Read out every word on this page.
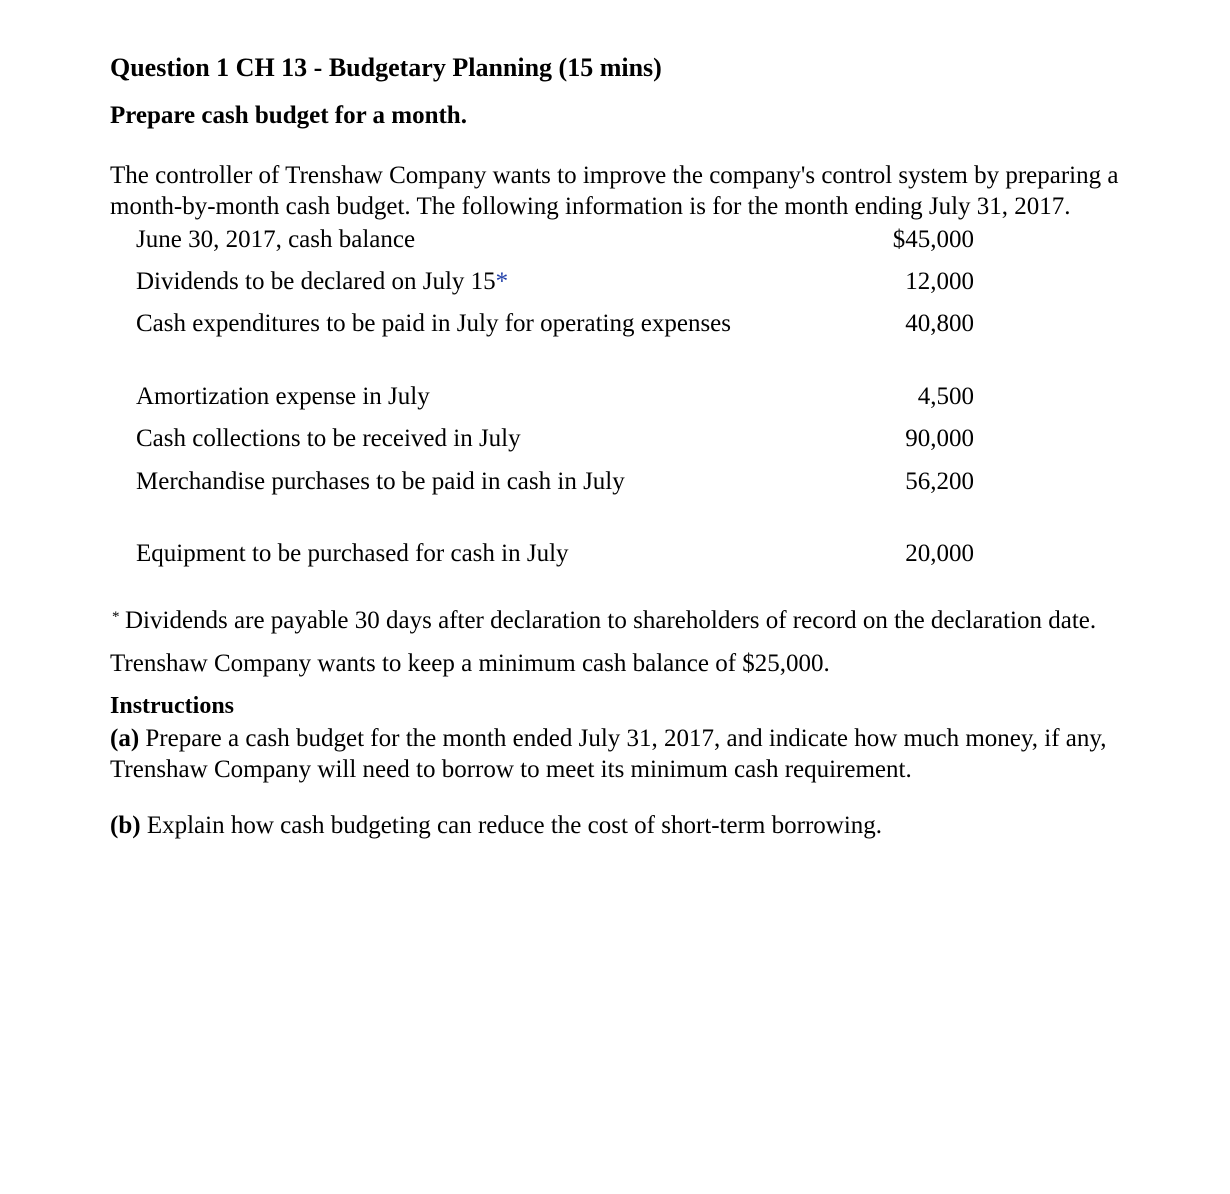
Question 1 CH 13 - Budgetary Planning (15 mins)
Prepare cash budget for a month.
The controller of Trenshaw Company wants to improve the company's control system by preparing a month-by-month cash budget. The following information is for the month ending July 31, 2017.
June 30, 2017, cash balance	$45,000
Dividends to be declared on July 15*	12,000
Cash expenditures to be paid in July for operating expenses	40,800
Amortization expense in July	4,500
Cash collections to be received in July	90,000
Merchandise purchases to be paid in cash in July	56,200
Equipment to be purchased for cash in July	20,000
* Dividends are payable 30 days after declaration to shareholders of record on the declaration date.
Trenshaw Company wants to keep a minimum cash balance of $25,000.
Instructions
(a) Prepare a cash budget for the month ended July 31, 2017, and indicate how much money, if any, Trenshaw Company will need to borrow to meet its minimum cash requirement.
(b) Explain how cash budgeting can reduce the cost of short-term borrowing.
